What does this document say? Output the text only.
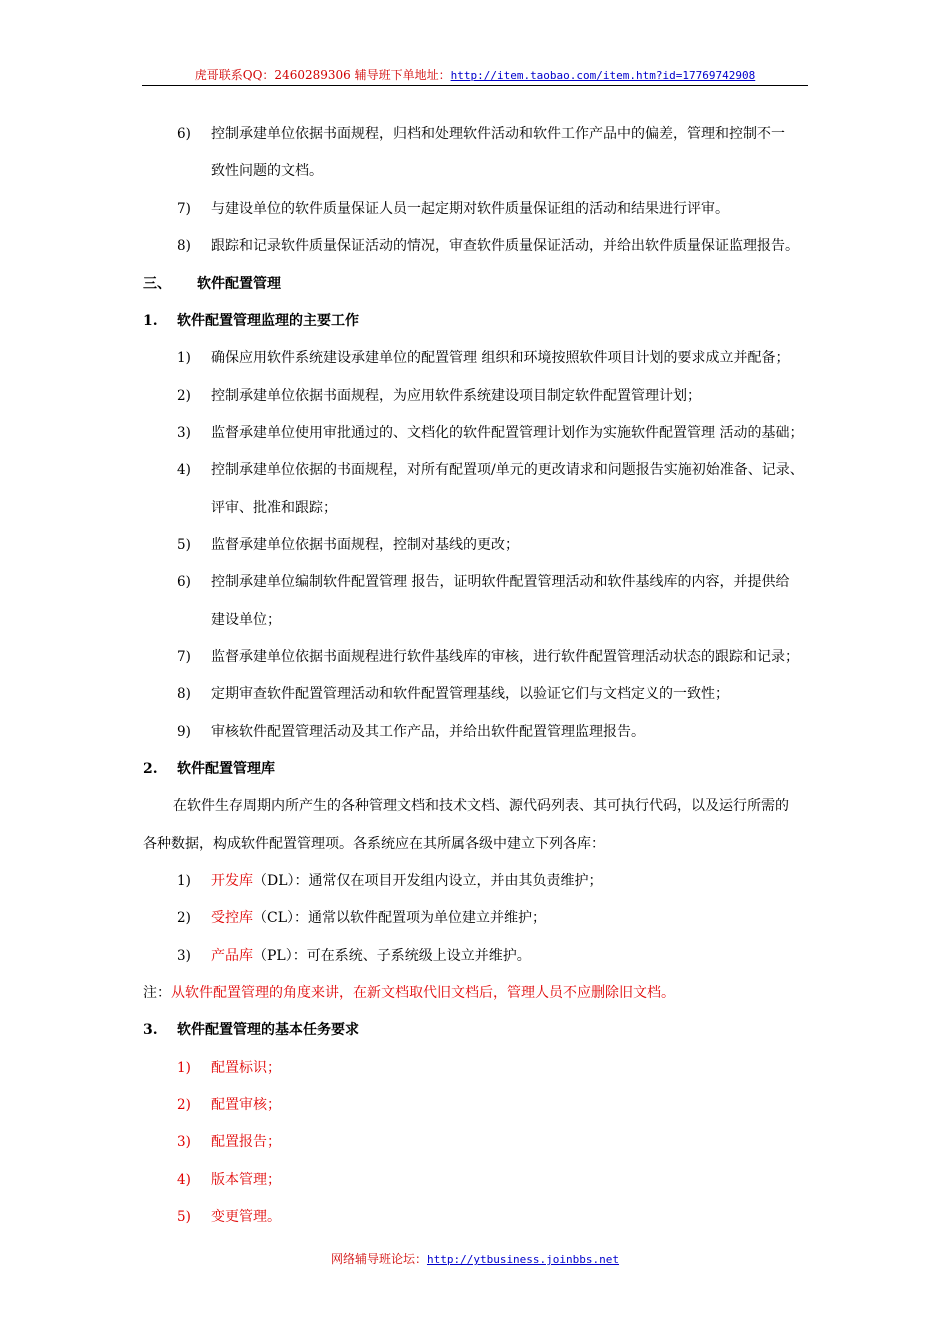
虎哥联系QQ：2460289306 辅导班下单地址：http://item.taobao.com/item.htm?id=17769742908
6) 控制承建单位依据书面规程，归档和处理软件活动和软件工作产品中的偏差，管理和控制不一
致性问题的文档。
7) 与建设单位的软件质量保证人员一起定期对软件质量保证组的活动和结果进行评审。
8) 跟踪和记录软件质量保证活动的情况，审查软件质量保证活动，并给出软件质量保证监理报告。
三、 软件配置管理
1. 软件配置管理监理的主要工作
1) 确保应用软件系统建设承建单位的配置管理 组织和环境按照软件项目计划的要求成立并配备；
2) 控制承建单位依据书面规程，为应用软件系统建设项目制定软件配置管理计划；
3) 监督承建单位使用审批通过的、文档化的软件配置管理计划作为实施软件配置管理 活动的基础；
4) 控制承建单位依据的书面规程，对所有配置项/单元的更改请求和问题报告实施初始准备、记录、
评审、批准和跟踪；
5) 监督承建单位依据书面规程，控制对基线的更改；
6) 控制承建单位编制软件配置管理 报告，证明软件配置管理活动和软件基线库的内容，并提供给
建设单位；
7) 监督承建单位依据书面规程进行软件基线库的审核，进行软件配置管理活动状态的跟踪和记录；
8) 定期审查软件配置管理活动和软件配置管理基线，以验证它们与文档定义的一致性；
9) 审核软件配置管理活动及其工作产品，并给出软件配置管理监理报告。
2. 软件配置管理库
在软件生存周期内所产生的各种管理文档和技术文档、源代码列表、其可执行代码，以及运行所需的
各种数据，构成软件配置管理项。各系统应在其所属各级中建立下列各库：
1) 开发库（DL）：通常仅在项目开发组内设立，并由其负责维护；
2) 受控库（CL）：通常以软件配置项为单位建立并维护；
3) 产品库（PL）：可在系统、子系统级上设立并维护。
注：从软件配置管理的角度来讲，在新文档取代旧文档后，管理人员不应删除旧文档。
3. 软件配置管理的基本任务要求
1) 配置标识；
2) 配置审核；
3) 配置报告；
4) 版本管理；
5) 变更管理。
网络辅导班论坛：http://ytbusiness.joinbbs.net
